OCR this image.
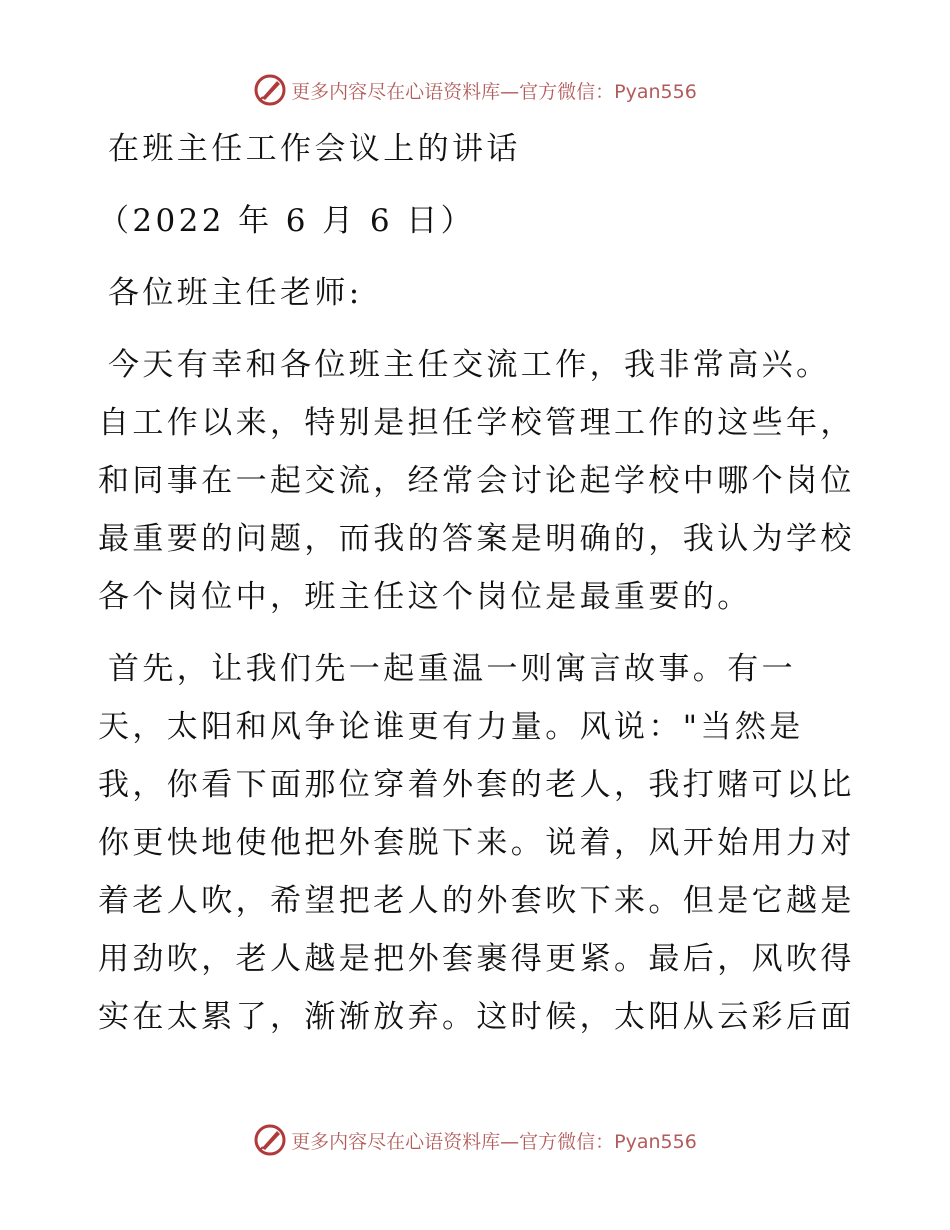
更多内容尽在心语资料库—官方微信：Pyan556
在班主任工作会议上的讲话
（2022 年 6 月 6 日）
各位班主任老师:
今天有幸和各位班主任交流工作，我非常高兴。
自工作以来，特别是担任学校管理工作的这些年，
和同事在一起交流，经常会讨论起学校中哪个岗位
最重要的问题，而我的答案是明确的，我认为学校
各个岗位中，班主任这个岗位是最重要的。
首先，让我们先一起重温一则寓言故事。有一
天，太阳和风争论谁更有力量。风说："当然是
我，你看下面那位穿着外套的老人，我打赌可以比
你更快地使他把外套脱下来。说着，风开始用力对
着老人吹，希望把老人的外套吹下来。但是它越是
用劲吹，老人越是把外套裹得更紧。最后，风吹得
实在太累了，渐渐放弃。这时候，太阳从云彩后面
更多内容尽在心语资料库—官方微信：Pyan556
